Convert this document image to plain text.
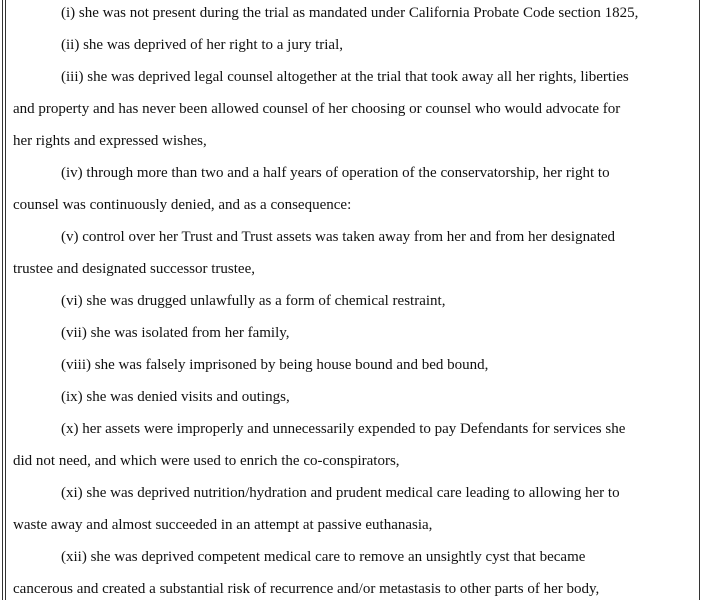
(i) she was not present during the trial as mandated under California Probate Code section 1825,
(ii) she was deprived of her right to a jury trial,
(iii) she was deprived legal counsel altogether at the trial that took away all her rights, liberties
and property and has never been allowed counsel of her choosing or counsel who would advocate for
her rights and expressed wishes,
(iv) through more than two and a half years of operation of the conservatorship, her right to
counsel was continuously denied, and as a consequence:
(v) control over her Trust and Trust assets was taken away from her and from her designated
trustee and designated successor trustee,
(vi) she was drugged unlawfully as a form of chemical restraint,
(vii) she was isolated from her family,
(viii) she was falsely imprisoned by being house bound and bed bound,
(ix) she was denied visits and outings,
(x) her assets were improperly and unnecessarily expended to pay Defendants for services she
did not need, and which were used to enrich the co-conspirators,
(xi) she was deprived nutrition/hydration and prudent medical care leading to allowing her to
waste away and almost succeeded in an attempt at passive euthanasia,
(xii) she was deprived competent medical care to remove an unsightly cyst that became
cancerous and created a substantial risk of recurrence and/or metastasis to other parts of her body,
